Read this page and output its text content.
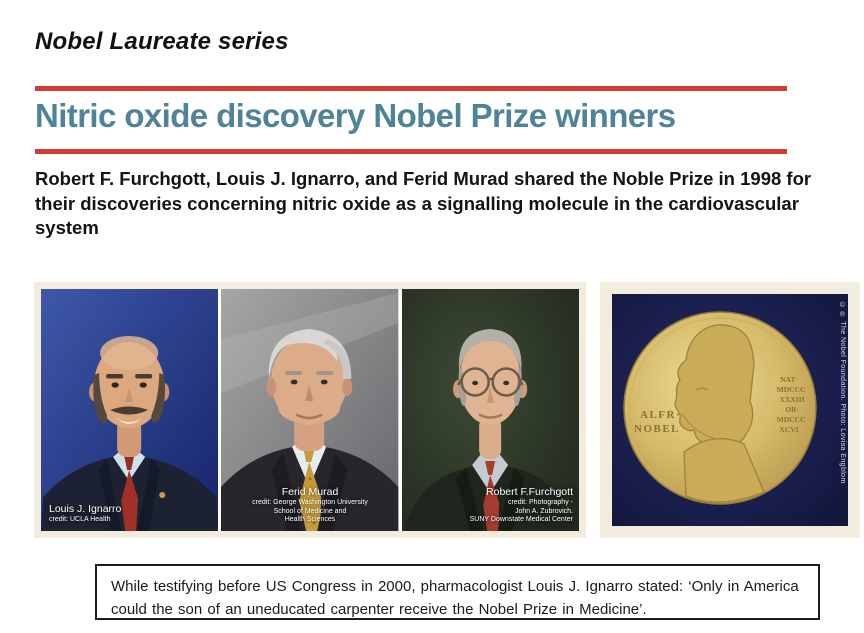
Nobel Laureate series
Nitric oxide discovery Nobel Prize winners

Robert F. Furchgott, Louis J. Ignarro, and Ferid Murad shared the Noble Prize in 1998 for their discoveries concerning nitric oxide as a signalling molecule in the cardiovascular system

Louis J. Ignarro
credit: UCLA Health
Ferid Murad
credit: George Washington University
School of Medicine and
Health Sciences
Robert F.Furchgott
credit: Photography -
John A. Zubrovich.
SUNY Downstate Medical Center
ALFR·
NOBEL
NAT·
MDCCC
XXXIII
OB·
MDCCC
XCVI	© ® The Nobel Foundation. Photo: Lovisa Engblom

While testifying before US Congress in 2000, pharmacologist Louis J. Ignarro stated: ‘Only in America could the son of an uneducated carpenter receive the Nobel Prize in Medicine’.
